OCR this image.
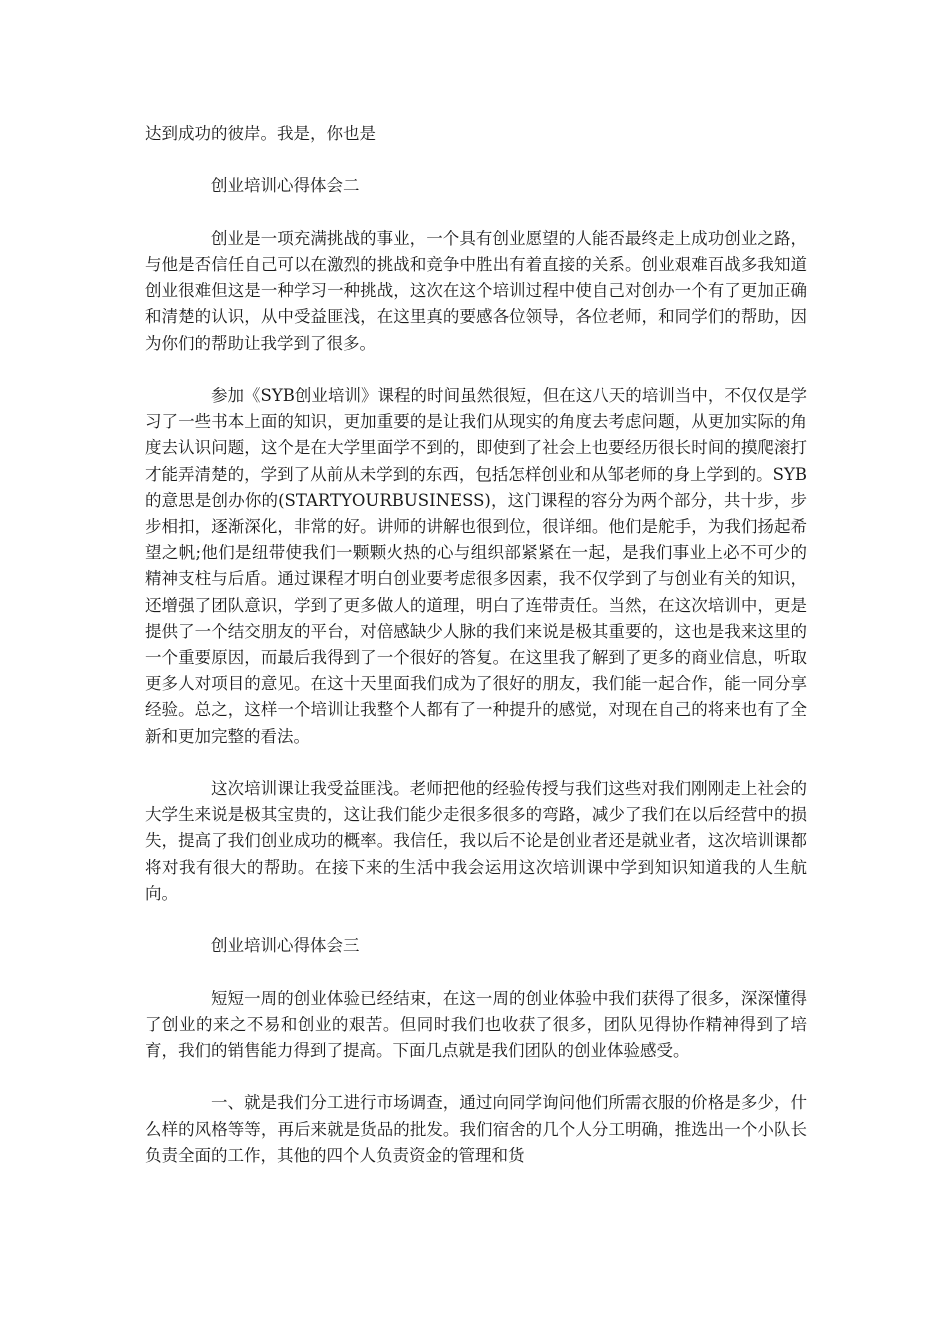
达到成功的彼岸。我是，你也是

创业培训心得体会二

创业是一项充满挑战的事业，一个具有创业愿望的人能否最终走上成功创业之路，与他是否信任自己可以在激烈的挑战和竞争中胜出有着直接的关系。创业艰难百战多我知道创业很难但这是一种学习一种挑战，这次在这个培训过程中使自己对创办一个有了更加正确和清楚的认识，从中受益匪浅，在这里真的要感各位领导，各位老师，和同学们的帮助，因为你们的帮助让我学到了很多。

参加《SYB创业培训》课程的时间虽然很短，但在这八天的培训当中，不仅仅是学习了一些书本上面的知识，更加重要的是让我们从现实的角度去考虑问题，从更加实际的角度去认识问题，这个是在大学里面学不到的，即使到了社会上也要经历很长时间的摸爬滚打才能弄清楚的，学到了从前从未学到的东西，包括怎样创业和从邹老师的身上学到的。SYB的意思是创办你的(STARTYOURBUSINESS)，这门课程的容分为两个部分，共十步，步步相扣，逐渐深化，非常的好。讲师的讲解也很到位，很详细。他们是舵手，为我们扬起希望之帆;他们是纽带使我们一颗颗火热的心与组织部紧紧在一起，是我们事业上必不可少的精神支柱与后盾。通过课程才明白创业要考虑很多因素，我不仅学到了与创业有关的知识，还增强了团队意识，学到了更多做人的道理，明白了连带责任。当然，在这次培训中，更是提供了一个结交朋友的平台，对倍感缺少人脉的我们来说是极其重要的，这也是我来这里的一个重要原因，而最后我得到了一个很好的答复。在这里我了解到了更多的商业信息，听取更多人对项目的意见。在这十天里面我们成为了很好的朋友，我们能一起合作，能一同分享经验。总之，这样一个培训让我整个人都有了一种提升的感觉，对现在自己的将来也有了全新和更加完整的看法。

这次培训课让我受益匪浅。老师把他的经验传授与我们这些对我们刚刚走上社会的大学生来说是极其宝贵的，这让我们能少走很多很多的弯路，减少了我们在以后经营中的损失，提高了我们创业成功的概率。我信任，我以后不论是创业者还是就业者，这次培训课都将对我有很大的帮助。在接下来的生活中我会运用这次培训课中学到知识知道我的人生航向。

创业培训心得体会三

短短一周的创业体验已经结束，在这一周的创业体验中我们获得了很多，深深懂得了创业的来之不易和创业的艰苦。但同时我们也收获了很多，团队见得协作精神得到了培育，我们的销售能力得到了提高。下面几点就是我们团队的创业体验感受。

一、就是我们分工进行市场调查，通过向同学询问他们所需衣服的价格是多少，什么样的风格等等，再后来就是货品的批发。我们宿舍的几个人分工明确，推选出一个小队长负责全面的工作，其他的四个人负责资金的管理和货
